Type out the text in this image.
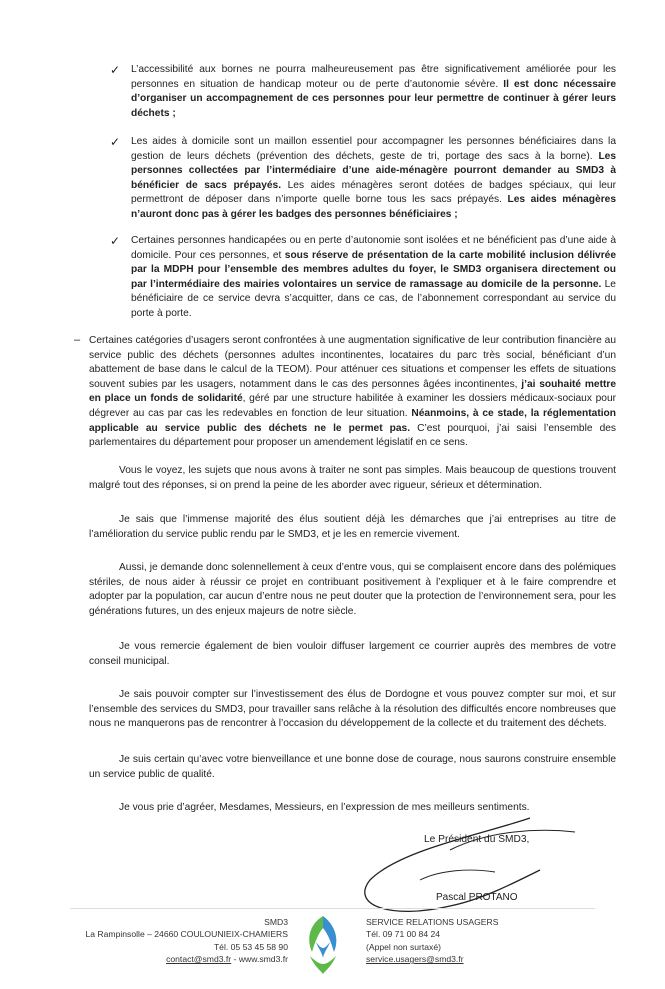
✓ L’accessibilité aux bornes ne pourra malheureusement pas être significativement améliorée pour les personnes en situation de handicap moteur ou de perte d’autonomie sévère. Il est donc nécessaire d’organiser un accompagnement de ces personnes pour leur permettre de continuer à gérer leurs déchets ;

✓ Les aides à domicile sont un maillon essentiel pour accompagner les personnes bénéficiaires dans la gestion de leurs déchets (prévention des déchets, geste de tri, portage des sacs à la borne). Les personnes collectées par l’intermédiaire d’une aide-ménagère pourront demander au SMD3 à bénéficier de sacs prépayés. Les aides ménagères seront dotées de badges spéciaux, qui leur permettront de déposer dans n’importe quelle borne tous les sacs prépayés. Les aides ménagères n’auront donc pas à gérer les badges des personnes bénéficiaires ;

✓ Certaines personnes handicapées ou en perte d’autonomie sont isolées et ne bénéficient pas d’une aide à domicile. Pour ces personnes, et sous réserve de présentation de la carte mobilité inclusion délivrée par la MDPH pour l’ensemble des membres adultes du foyer, le SMD3 organisera directement ou par l’intermédiaire des mairies volontaires un service de ramassage au domicile de la personne. Le bénéficiaire de ce service devra s’acquitter, dans ce cas, de l’abonnement correspondant au service du porte à porte.

– Certaines catégories d’usagers seront confrontées à une augmentation significative de leur contribution financière au service public des déchets (personnes adultes incontinentes, locataires du parc très social, bénéficiant d’un abattement de base dans le calcul de la TEOM). Pour atténuer ces situations et compenser les effets de situations souvent subies par les usagers, notamment dans le cas des personnes âgées incontinentes, j’ai souhaité mettre en place un fonds de solidarité, géré par une structure habilitée à examiner les dossiers médicaux-sociaux pour dégrever au cas par cas les redevables en fonction de leur situation. Néanmoins, à ce stade, la réglementation applicable au service public des déchets ne le permet pas. C’est pourquoi, j’ai saisi l’ensemble des parlementaires du département pour proposer un amendement législatif en ce sens.

Vous le voyez, les sujets que nous avons à traiter ne sont pas simples. Mais beaucoup de questions trouvent malgré tout des réponses, si on prend la peine de les aborder avec rigueur, sérieux et détermination.

Je sais que l’immense majorité des élus soutient déjà les démarches que j’ai entreprises au titre de l’amélioration du service public rendu par le SMD3, et je les en remercie vivement.

Aussi, je demande donc solennellement à ceux d’entre vous, qui se complaisent encore dans des polémiques stériles, de nous aider à réussir ce projet en contribuant positivement à l’expliquer et à le faire comprendre et adopter par la population, car aucun d’entre nous ne peut douter que la protection de l’environnement sera, pour les générations futures, un des enjeux majeurs de notre siècle.

Je vous remercie également de bien vouloir diffuser largement ce courrier auprès des membres de votre conseil municipal.

Je sais pouvoir compter sur l’investissement des élus de Dordogne et vous pouvez compter sur moi, et sur l’ensemble des services du SMD3, pour travailler sans relâche à la résolution des difficultés encore nombreuses que nous ne manquerons pas de rencontrer à l’occasion du développement de la collecte et du traitement des déchets.

Je suis certain qu’avec votre bienveillance et une bonne dose de courage, nous saurons construire ensemble un service public de qualité.

Je vous prie d’agréer, Mesdames, Messieurs, en l’expression de mes meilleurs sentiments.

Le Président du SMD3,
Pascal PROTANO
SMD3
La Rampinsolle – 24660 COULOUNIEIX-CHAMIERS
Tél. 05 53 45 58 90
contact@smd3.fr - www.smd3.fr
SERVICE RELATIONS USAGERS
Tél. 09 71 00 84 24
(Appel non surtaxé)
service.usagers@smd3.fr
